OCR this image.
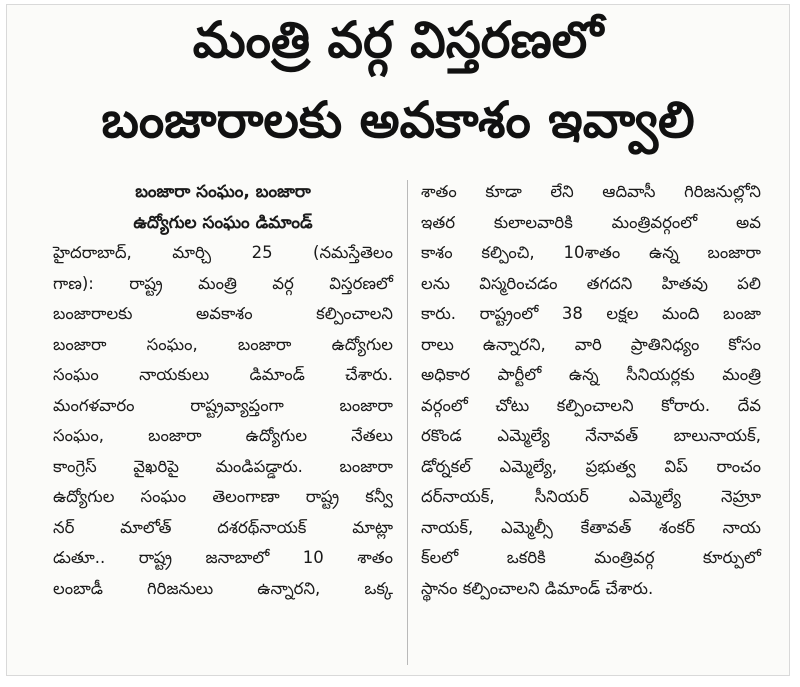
మంత్రి వర్గ విస్తరణలో
బంజారాలకు అవకాశం ఇవ్వాలి
బంజారా సంఘం, బంజారా
ఉద్యోగుల సంఘం డిమాండ్
హైదరాబాద్, మార్చి 25 (నమస్తేతెలం
గాణ): రాష్ట్ర మంత్రి వర్గ విస్తరణలో
బంజారాలకు అవకాశం కల్పించాలని
బంజారా సంఘం, బంజారా ఉద్యోగుల
సంఘం నాయకులు డిమాండ్ చేశారు.
మంగళవారం రాష్ట్రవ్యాప్తంగా బంజారా
సంఘం, బంజారా ఉద్యోగుల నేతలు
కాంగ్రెస్ వైఖరిపై మండిపడ్డారు. బంజారా
ఉద్యోగుల సంఘం తెలంగాణా రాష్ట్ర కన్వీ
నర్ మాలోత్ దశరథ్‌నాయక్ మాట్లా
డుతూ.. రాష్ట్ర జనాబాలో 10 శాతం
లంబాడీ గిరిజనులు ఉన్నారని, ఒక్క
శాతం కూడా లేని ఆదివాసీ గిరిజనుల్లోని
ఇతర కులాలవారికి మంత్రివర్గంలో అవ
కాశం కల్పించి, 10శాతం ఉన్న బంజారా
లను విస్మరించడం తగదని హితవు పలి
కారు. రాష్ట్రంలో 38 లక్షల మంది బంజా
రాలు ఉన్నారని, వారి ప్రాతినిధ్యం కోసం
అధికార పార్టీలో ఉన్న సీనియర్లకు మంత్రి
వర్గంలో చోటు కల్పించాలని కోరారు. దేవ
రకొండ ఎమ్మెల్యే నేనావత్ బాలునాయక్,
డోర్నకల్ ఎమ్మెల్యే, ప్రభుత్వ విప్ రాంచం
దర్‌నాయక్, సీనియర్ ఎమ్మెల్యే నెహ్రూ
నాయక్, ఎమ్మెల్సీ కేతావత్ శంకర్ నాయ
క్‌లలో ఒకరికి మంత్రివర్గ కూర్పులో
స్థానం కల్పించాలని డిమాండ్ చేశారు.
